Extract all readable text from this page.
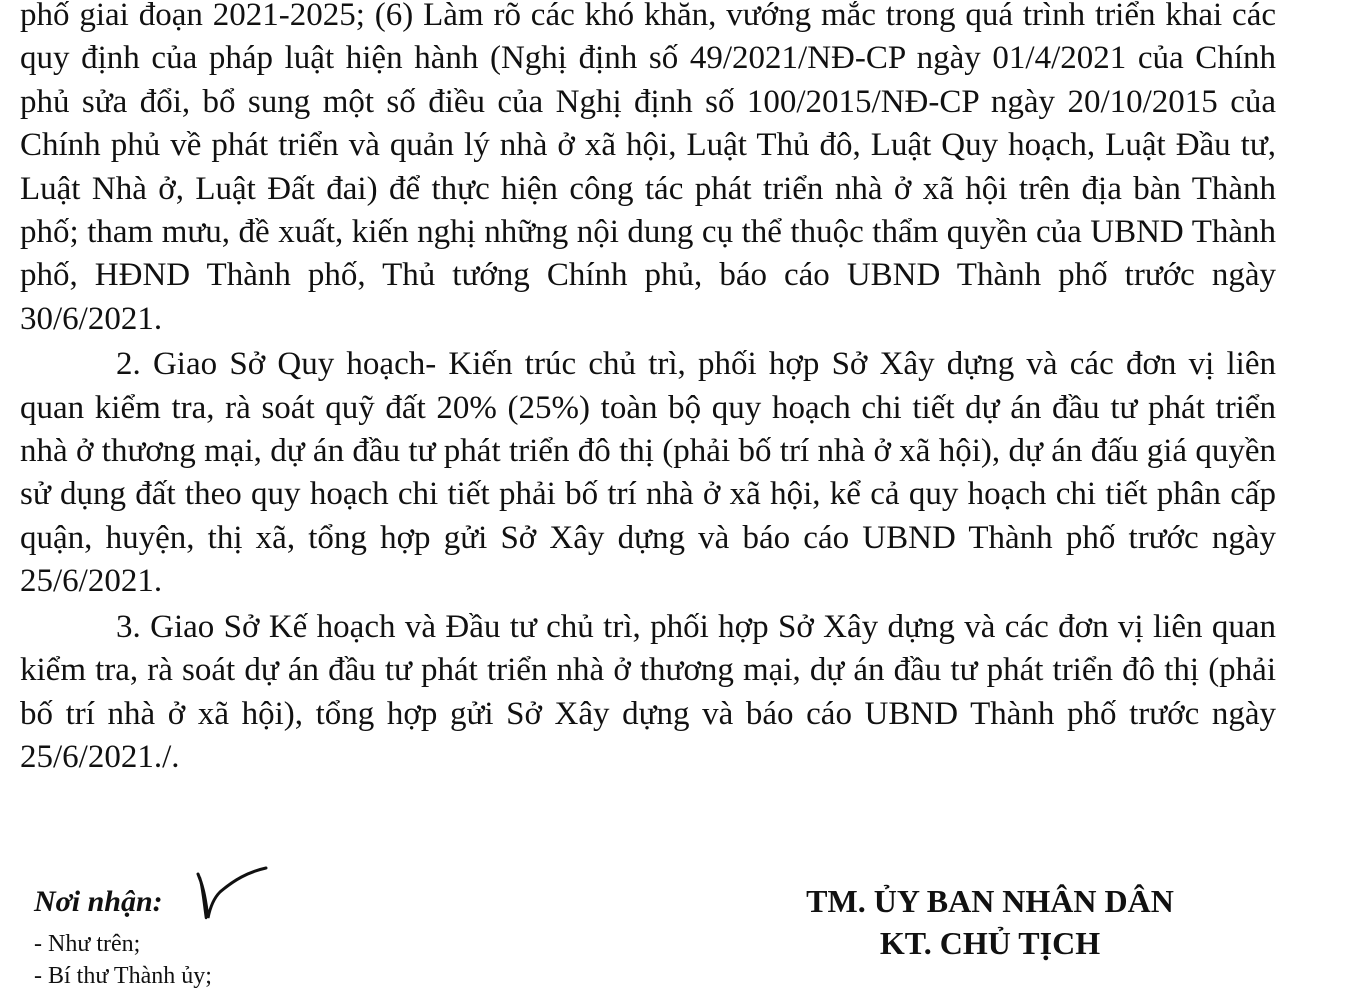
phố giai đoạn 2021-2025; (6) Làm rõ các khó khăn, vướng mắc trong quá trình triển khai các quy định của pháp luật hiện hành (Nghị định số 49/2021/NĐ-CP ngày 01/4/2021 của Chính phủ sửa đổi, bổ sung một số điều của Nghị định số 100/2015/NĐ-CP ngày 20/10/2015 của Chính phủ về phát triển và quản lý nhà ở xã hội, Luật Thủ đô, Luật Quy hoạch, Luật Đầu tư, Luật Nhà ở, Luật Đất đai) để thực hiện công tác phát triển nhà ở xã hội trên địa bàn Thành phố; tham mưu, đề xuất, kiến nghị những nội dung cụ thể thuộc thẩm quyền của UBND Thành phố, HĐND Thành phố, Thủ tướng Chính phủ, báo cáo UBND Thành phố trước ngày 30/6/2021.

2. Giao Sở Quy hoạch- Kiến trúc chủ trì, phối hợp Sở Xây dựng và các đơn vị liên quan kiểm tra, rà soát quỹ đất 20% (25%) toàn bộ quy hoạch chi tiết dự án đầu tư phát triển nhà ở thương mại, dự án đầu tư phát triển đô thị (phải bố trí nhà ở xã hội), dự án đấu giá quyền sử dụng đất theo quy hoạch chi tiết phải bố trí nhà ở xã hội, kể cả quy hoạch chi tiết phân cấp quận, huyện, thị xã, tổng hợp gửi Sở Xây dựng và báo cáo UBND Thành phố trước ngày 25/6/2021.

3. Giao Sở Kế hoạch và Đầu tư chủ trì, phối hợp Sở Xây dựng và các đơn vị liên quan kiểm tra, rà soát dự án đầu tư phát triển nhà ở thương mại, dự án đầu tư phát triển đô thị (phải bố trí nhà ở xã hội), tổng hợp gửi Sở Xây dựng và báo cáo UBND Thành phố trước ngày 25/6/2021./.

Nơi nhận:
- Như trên;
- Bí thư Thành ủy;
TM. ỦY BAN NHÂN DÂN
KT. CHỦ TỊCH
